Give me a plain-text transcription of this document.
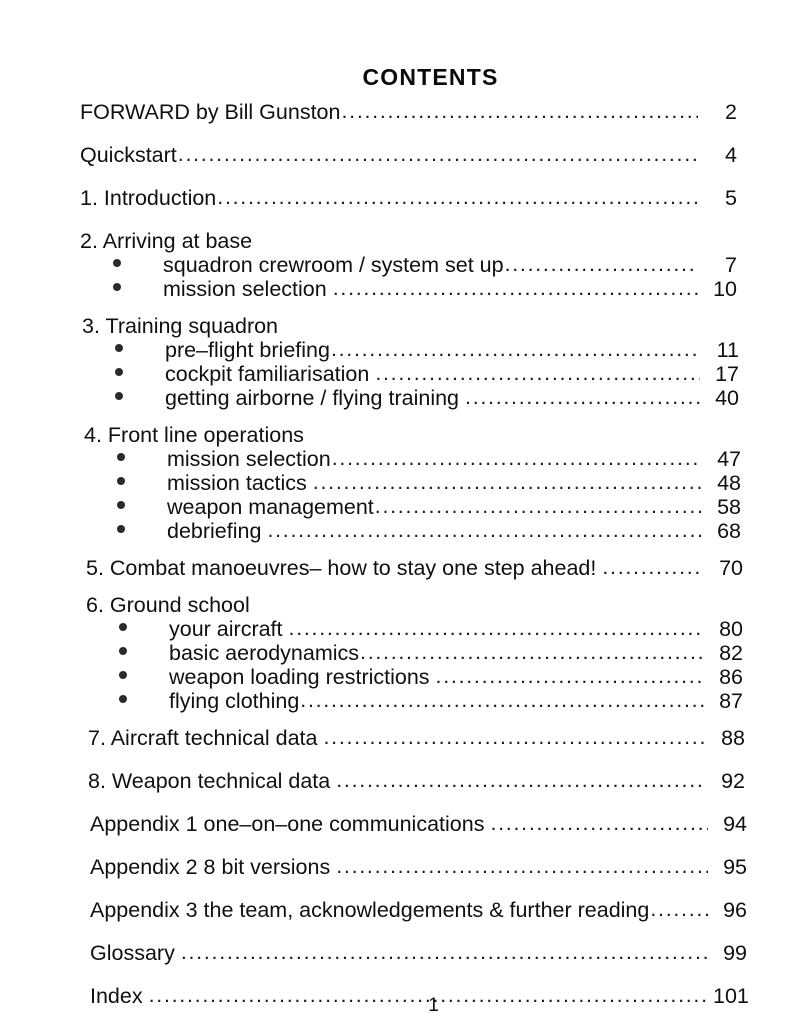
CONTENTS
FORWARD by Bill Gunston .....	2
Quickstart .....	4
1. Introduction .....	5
2. Arriving at base
squadron crewroom / system set up .....	7
mission selection .....	10
3. Training squadron
pre–flight briefing .....	11
cockpit familiarisation .....	17
getting airborne / flying training .....	40
4. Front line operations
mission selection .....	47
mission tactics .....	48
weapon management .....	58
debriefing .....	68
5. Combat manoeuvres– how to stay one step ahead! .....	70
6. Ground school
your aircraft .....	80
basic aerodynamics .....	82
weapon loading restrictions .....	86
flying clothing .....	87
7. Aircraft technical data .....	88
8. Weapon technical data .....	92
Appendix 1 one–on–one communications .....	94
Appendix 2 8 bit versions .....	95
Appendix 3 the team, acknowledgements & further reading .....	96
Glossary .....	99
Index .....	101
1
